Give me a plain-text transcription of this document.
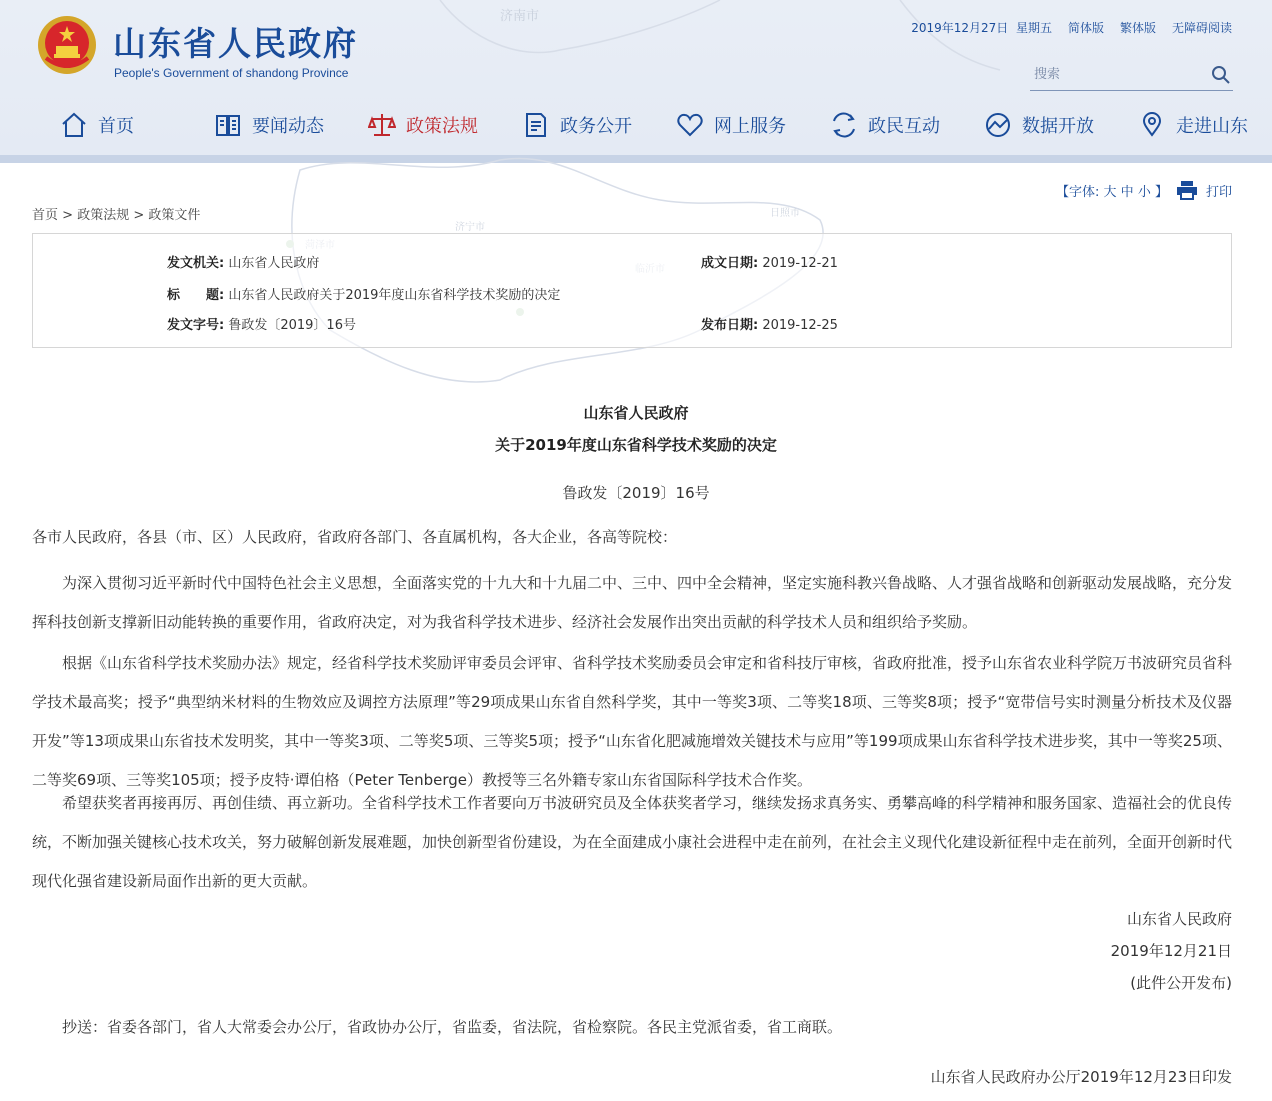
济南市
济宁市
日照市
山东省人民政府
People's Government of shandong Province
2019年12月27日 星期五 简体版 繁体版 无障碍阅读
搜索
首页	要闻动态	政策法规	政务公开	网上服务	政民互动	数据开放	走进山东
【字体: 大 中 小 】	打印
首页 > 政策法规 > 政策文件
发文机关: 山东省人民政府	成文日期: 2019-12-21
标　　题: 山东省人民政府关于2019年度山东省科学技术奖励的决定
发文字号: 鲁政发〔2019〕16号	发布日期: 2019-12-25
山东省人民政府
关于2019年度山东省科学技术奖励的决定
鲁政发〔2019〕16号

各市人民政府，各县（市、区）人民政府，省政府各部门、各直属机构，各大企业，各高等院校：

为深入贯彻习近平新时代中国特色社会主义思想，全面落实党的十九大和十九届二中、三中、四中全会精神，坚定实施科教兴鲁战略、人才强省战略和创新驱动发展战略，充分发挥科技创新支撑新旧动能转换的重要作用，省政府决定，对为我省科学技术进步、经济社会发展作出突出贡献的科学技术人员和组织给予奖励。

根据《山东省科学技术奖励办法》规定，经省科学技术奖励评审委员会评审、省科学技术奖励委员会审定和省科技厅审核，省政府批准，授予山东省农业科学院万书波研究员省科学技术最高奖；授予“典型纳米材料的生物效应及调控方法原理”等29项成果山东省自然科学奖，其中一等奖3项、二等奖18项、三等奖8项；授予“宽带信号实时测量分析技术及仪器开发”等13项成果山东省技术发明奖，其中一等奖3项、二等奖5项、三等奖5项；授予“山东省化肥减施增效关键技术与应用”等199项成果山东省科学技术进步奖，其中一等奖25项、二等奖69项、三等奖105项；授予皮特·谭伯格（Peter Tenberge）教授等三名外籍专家山东省国际科学技术合作奖。

希望获奖者再接再厉、再创佳绩、再立新功。全省科学技术工作者要向万书波研究员及全体获奖者学习，继续发扬求真务实、勇攀高峰的科学精神和服务国家、造福社会的优良传统，不断加强关键核心技术攻关，努力破解创新发展难题，加快创新型省份建设，为在全面建成小康社会进程中走在前列，在社会主义现代化建设新征程中走在前列，全面开创新时代现代化强省建设新局面作出新的更大贡献。

山东省人民政府
2019年12月21日
(此件公开发布)

抄送：省委各部门，省人大常委会办公厅，省政协办公厅，省监委，省法院，省检察院。各民主党派省委，省工商联。

山东省人民政府办公厅2019年12月23日印发
